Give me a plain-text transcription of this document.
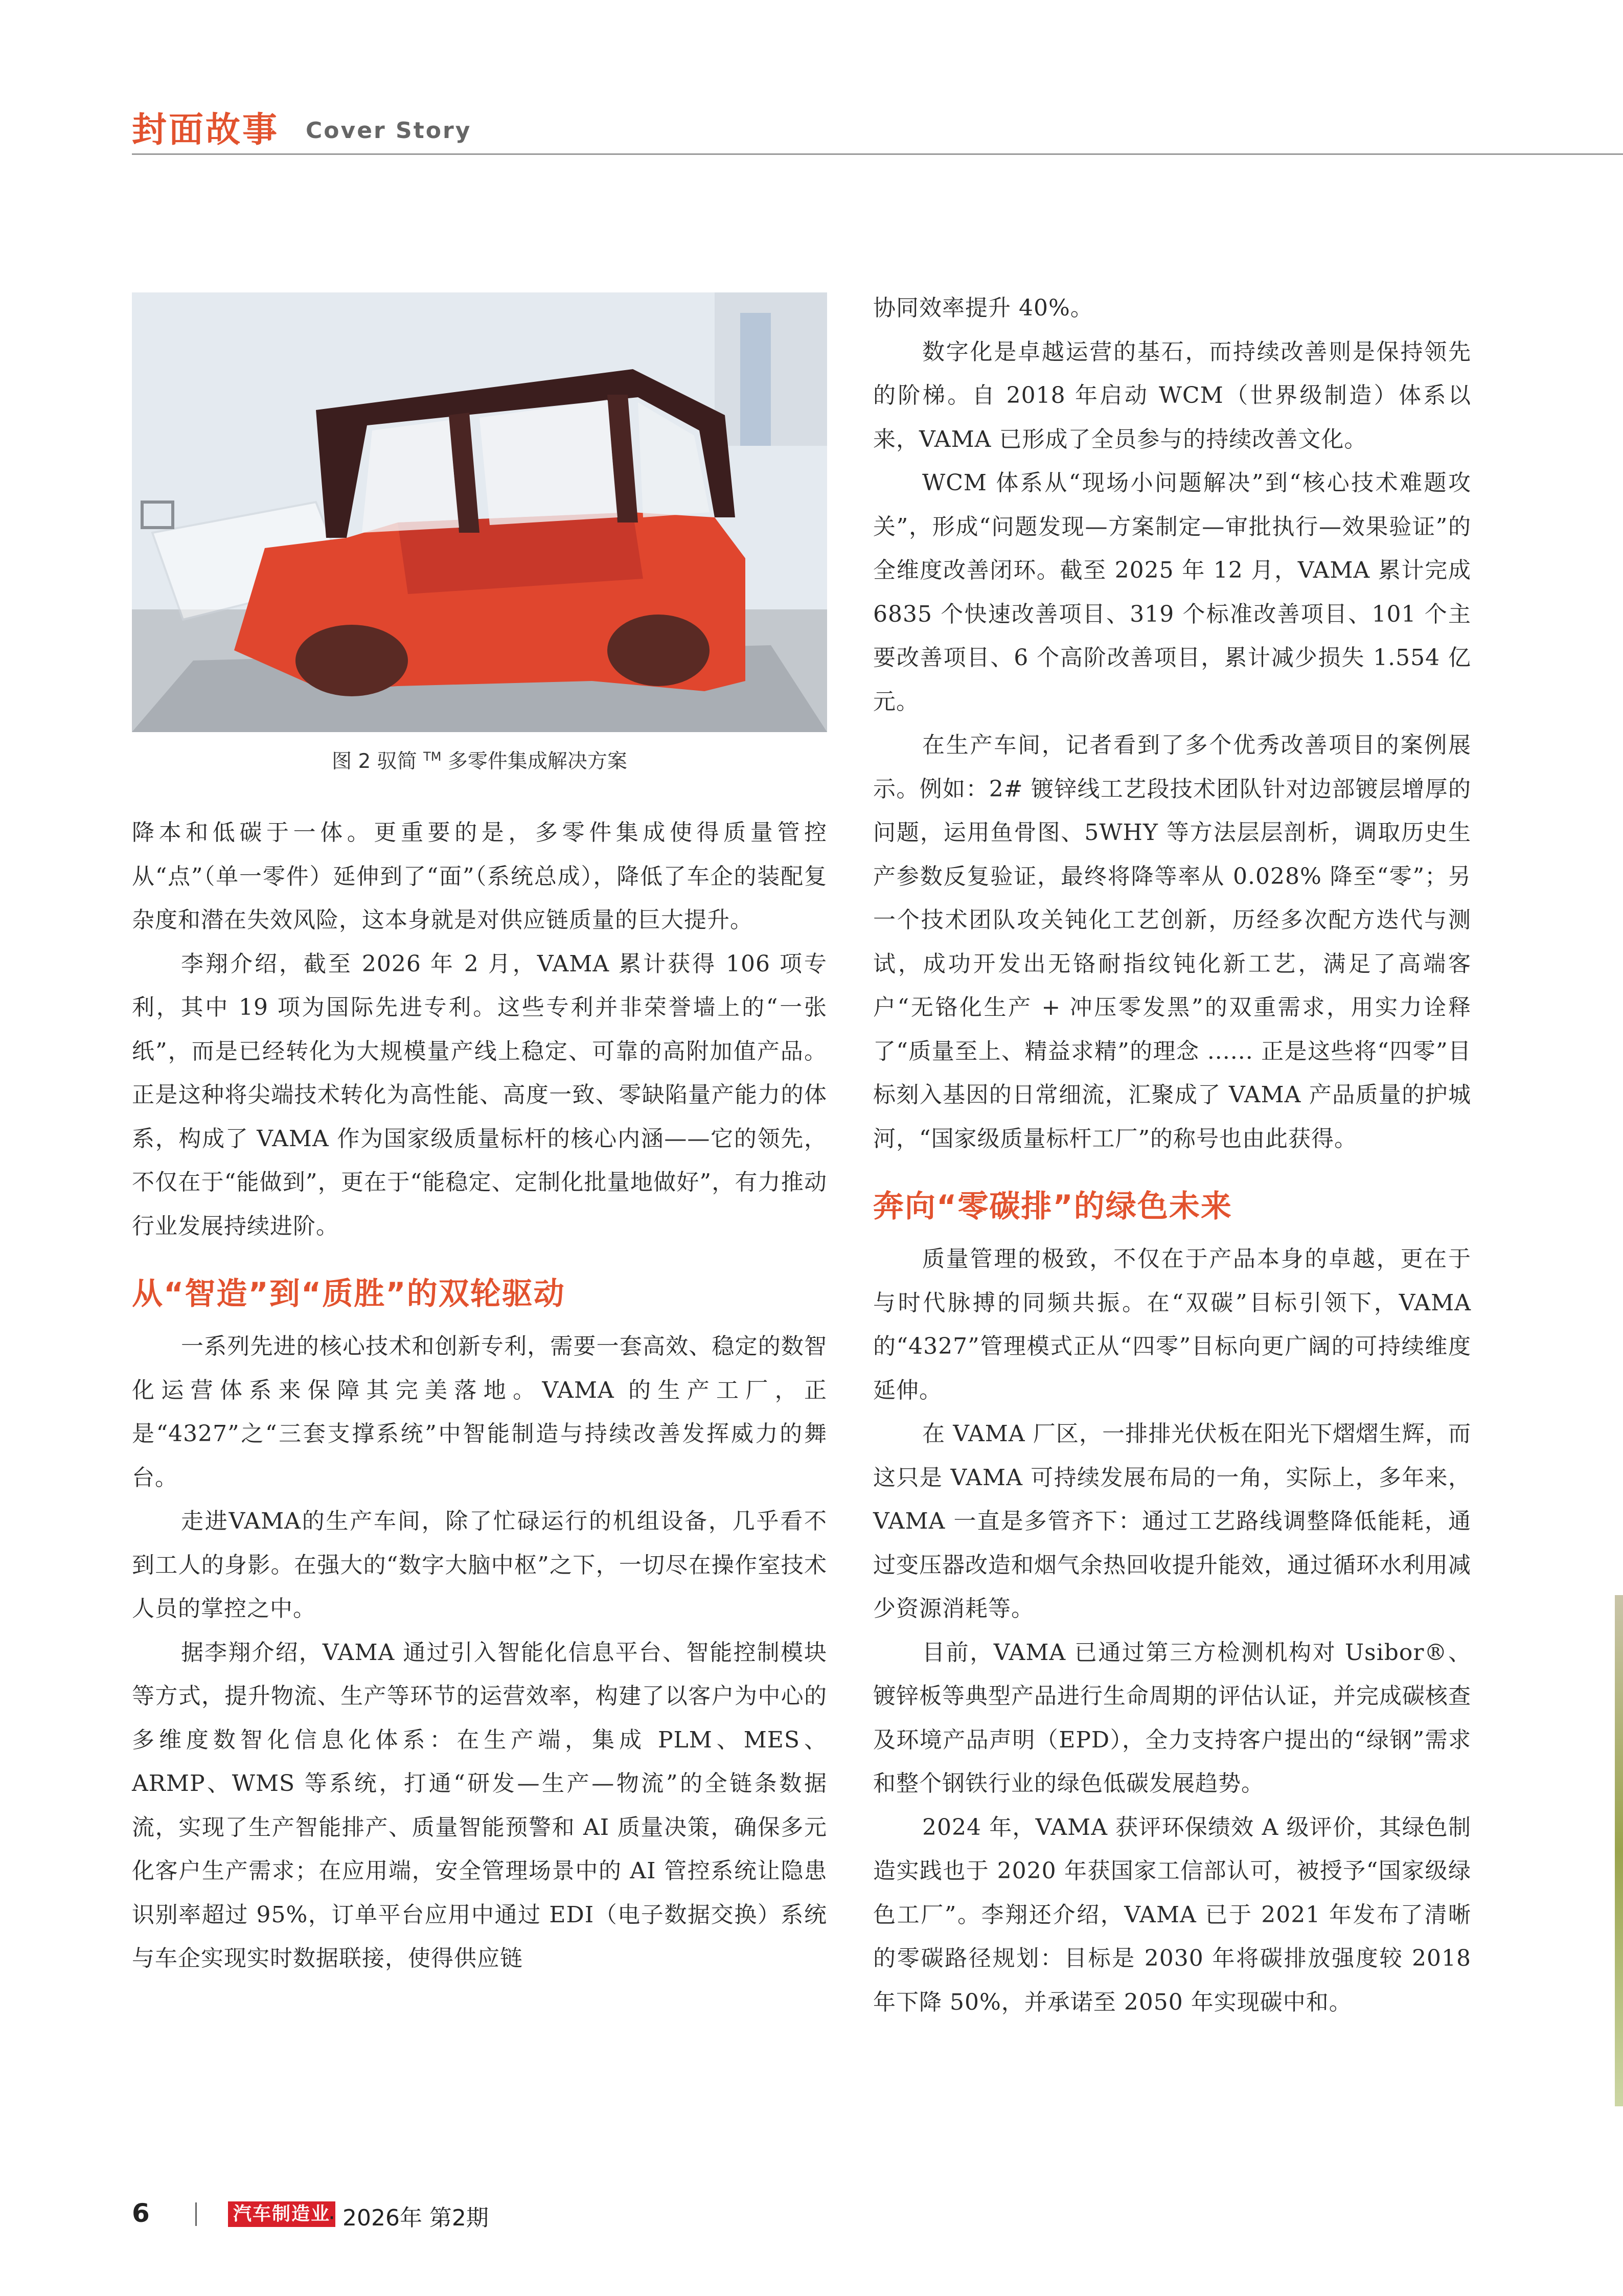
封面故事 Cover Story
图 2 驭简 ™ 多零件集成解决方案

降本和低碳于一体。更重要的是，多零件集成使得质量管控从“点”（单一零件）延伸到了“面”（系统总成），降低了车企的装配复杂度和潜在失效风险，这本身就是对供应链质量的巨大提升。

李翔介绍，截至 2026 年 2 月，VAMA 累计获得 106 项专利，其中 19 项为国际先进专利。这些专利并非荣誉墙上的“一张纸”，而是已经转化为大规模量产线上稳定、可靠的高附加值产品。正是这种将尖端技术转化为高性能、高度一致、零缺陷量产能力的体系，构成了 VAMA 作为国家级质量标杆的核心内涵——它的领先，不仅在于“能做到”，更在于“能稳定、定制化批量地做好”，有力推动行业发展持续进阶。

从“智造”到“质胜”的双轮驱动

一系列先进的核心技术和创新专利，需要一套高效、稳定的数智化运营体系来保障其完美落地。VAMA 的生产工厂，正是“4327”之“三套支撑系统”中智能制造与持续改善发挥威力的舞台。

走进VAMA的生产车间，除了忙碌运行的机组设备，几乎看不到工人的身影。在强大的“数字大脑中枢”之下，一切尽在操作室技术人员的掌控之中。

据李翔介绍，VAMA 通过引入智能化信息平台、智能控制模块等方式，提升物流、生产等环节的运营效率，构建了以客户为中心的多维度数智化信息化体系：在生产端，集成 PLM、MES、ARMP、WMS 等系统，打通“研发—生产—物流”的全链条数据流，实现了生产智能排产、质量智能预警和 AI 质量决策，确保多元化客户生产需求；在应用端，安全管理场景中的 AI 管控系统让隐患识别率超过 95%，订单平台应用中通过 EDI（电子数据交换）系统与车企实现实时数据联接，使得供应链

协同效率提升 40%。

数字化是卓越运营的基石，而持续改善则是保持领先的阶梯。自 2018 年启动 WCM（世界级制造）体系以来，VAMA 已形成了全员参与的持续改善文化。

WCM 体系从“现场小问题解决”到“核心技术难题攻关”，形成“问题发现—方案制定—审批执行—效果验证”的全维度改善闭环。截至 2025 年 12 月，VAMA 累计完成 6835 个快速改善项目、319 个标准改善项目、101 个主要改善项目、6 个高阶改善项目，累计减少损失 1.554 亿元。

在生产车间，记者看到了多个优秀改善项目的案例展示。例如：2# 镀锌线工艺段技术团队针对边部镀层增厚的问题，运用鱼骨图、5WHY 等方法层层剖析，调取历史生产参数反复验证，最终将降等率从 0.028% 降至“零”；另一个技术团队攻关钝化工艺创新，历经多次配方迭代与测试，成功开发出无铬耐指纹钝化新工艺，满足了高端客户“无铬化生产 + 冲压零发黑”的双重需求，用实力诠释了“质量至上、精益求精”的理念 ...... 正是这些将“四零”目标刻入基因的日常细流，汇聚成了 VAMA 产品质量的护城河，“国家级质量标杆工厂”的称号也由此获得。

奔向“零碳排”的绿色未来

质量管理的极致，不仅在于产品本身的卓越，更在于与时代脉搏的同频共振。在“双碳”目标引领下，VAMA 的“4327”管理模式正从“四零”目标向更广阔的可持续维度延伸。

在 VAMA 厂区，一排排光伏板在阳光下熠熠生辉，而这只是 VAMA 可持续发展布局的一角，实际上，多年来，VAMA 一直是多管齐下：通过工艺路线调整降低能耗，通过变压器改造和烟气余热回收提升能效，通过循环水利用减少资源消耗等。

目前，VAMA 已通过第三方检测机构对 Usibor®、镀锌板等典型产品进行生命周期的评估认证，并完成碳核查及环境产品声明（EPD），全力支持客户提出的“绿钢”需求和整个钢铁行业的绿色低碳发展趋势。

2024 年，VAMA 获评环保绩效 A 级评价，其绿色制造实践也于 2020 年获国家工信部认可，被授予“国家级绿色工厂”。李翔还介绍，VAMA 已于 2021 年发布了清晰的零碳路径规划：目标是 2030 年将碳排放强度较 2018 年下降 50%，并承诺至 2050 年实现碳中和。

6	汽车制造业
· 2026年 第2期
